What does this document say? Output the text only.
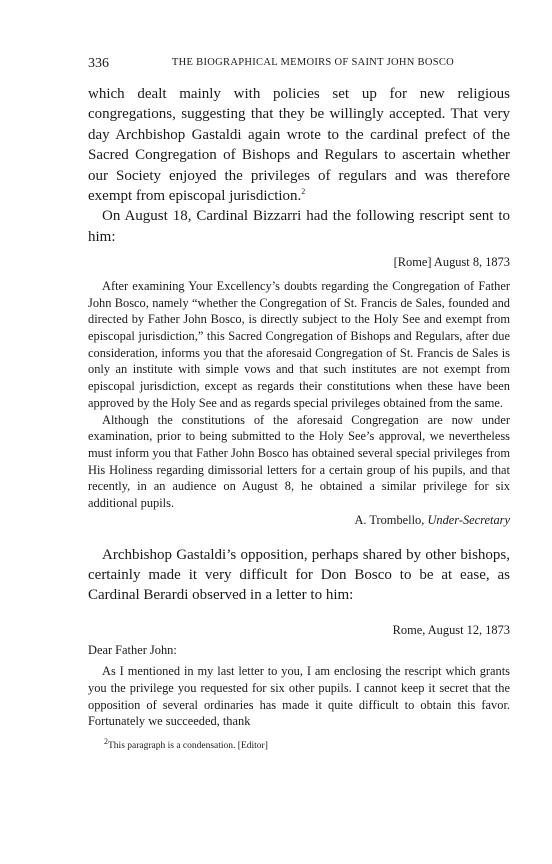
336	THE BIOGRAPHICAL MEMOIRS OF SAINT JOHN BOSCO

which dealt mainly with policies set up for new religious congregations, suggesting that they be willingly accepted. That very day Archbishop Gastaldi again wrote to the cardinal prefect of the Sacred Congregation of Bishops and Regulars to ascertain whether our Society enjoyed the privileges of regulars and was therefore exempt from episcopal jurisdiction.$^2$

On August 18, Cardinal Bizzarri had the following rescript sent to him:

[Rome] August 8, 1873

After examining Your Excellency’s doubts regarding the Congregation of Father John Bosco, namely “whether the Congregation of St. Francis de Sales, founded and directed by Father John Bosco, is directly subject to the Holy See and exempt from episcopal jurisdiction,” this Sacred Congregation of Bishops and Regulars, after due consideration, informs you that the aforesaid Congregation of St. Francis de Sales is only an institute with simple vows and that such institutes are not exempt from episcopal jurisdiction, except as regards their constitutions when these have been approved by the Holy See and as regards special privileges obtained from the same.

Although the constitutions of the aforesaid Congregation are now under examination, prior to being submitted to the Holy See’s approval, we nevertheless must inform you that Father John Bosco has obtained several special privileges from His Holiness regarding dimissorial letters for a certain group of his pupils, and that recently, in an audience on August 8, he obtained a similar privilege for six additional pupils.

A. Trombello, Under-Secretary

Archbishop Gastaldi’s opposition, perhaps shared by other bishops, certainly made it very difficult for Don Bosco to be at ease, as Cardinal Berardi observed in a letter to him:

Rome, August 12, 1873

Dear Father John:

As I mentioned in my last letter to you, I am enclosing the rescript which grants you the privilege you requested for six other pupils. I cannot keep it secret that the opposition of several ordinaries has made it quite difficult to obtain this favor. Fortunately we succeeded, thank

$^2$This paragraph is a condensation. [Editor]
